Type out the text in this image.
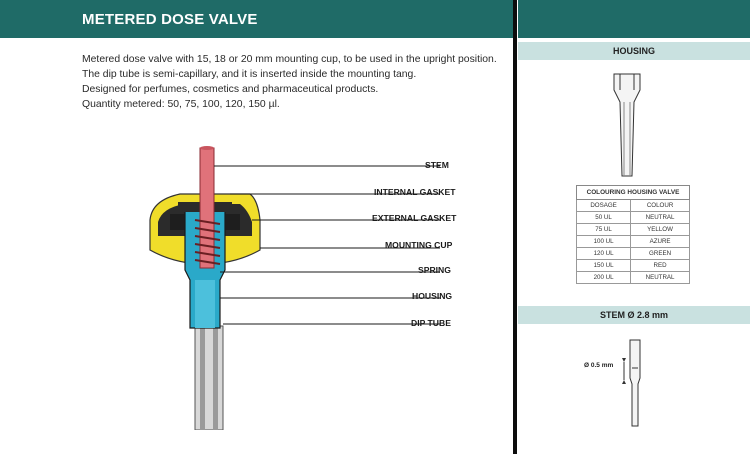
METERED DOSE VALVE
Metered dose valve with 15, 18 or 20 mm mounting cup, to be used in the upright position.
The dip tube is semi-capillary, and it is inserted inside the mounting tang.
Designed for perfumes, cosmetics and pharmaceutical products.
Quantity metered: 50, 75, 100, 120, 150 µl.
STEM
INTERNAL GASKET
EXTERNAL GASKET
MOUNTING CUP
SPRING
HOUSING
DIP TUBE
HOUSING
COLOURING HOUSING VALVE	
DOSAGE	COLOUR
50 UL	NEUTRAL
75 UL	YELLOW
100 UL	AZURE
120 UL	GREEN
150 UL	RED
200 UL	NEUTRAL
STEM Ø 2.8 mm
Ø 0.5 mm
